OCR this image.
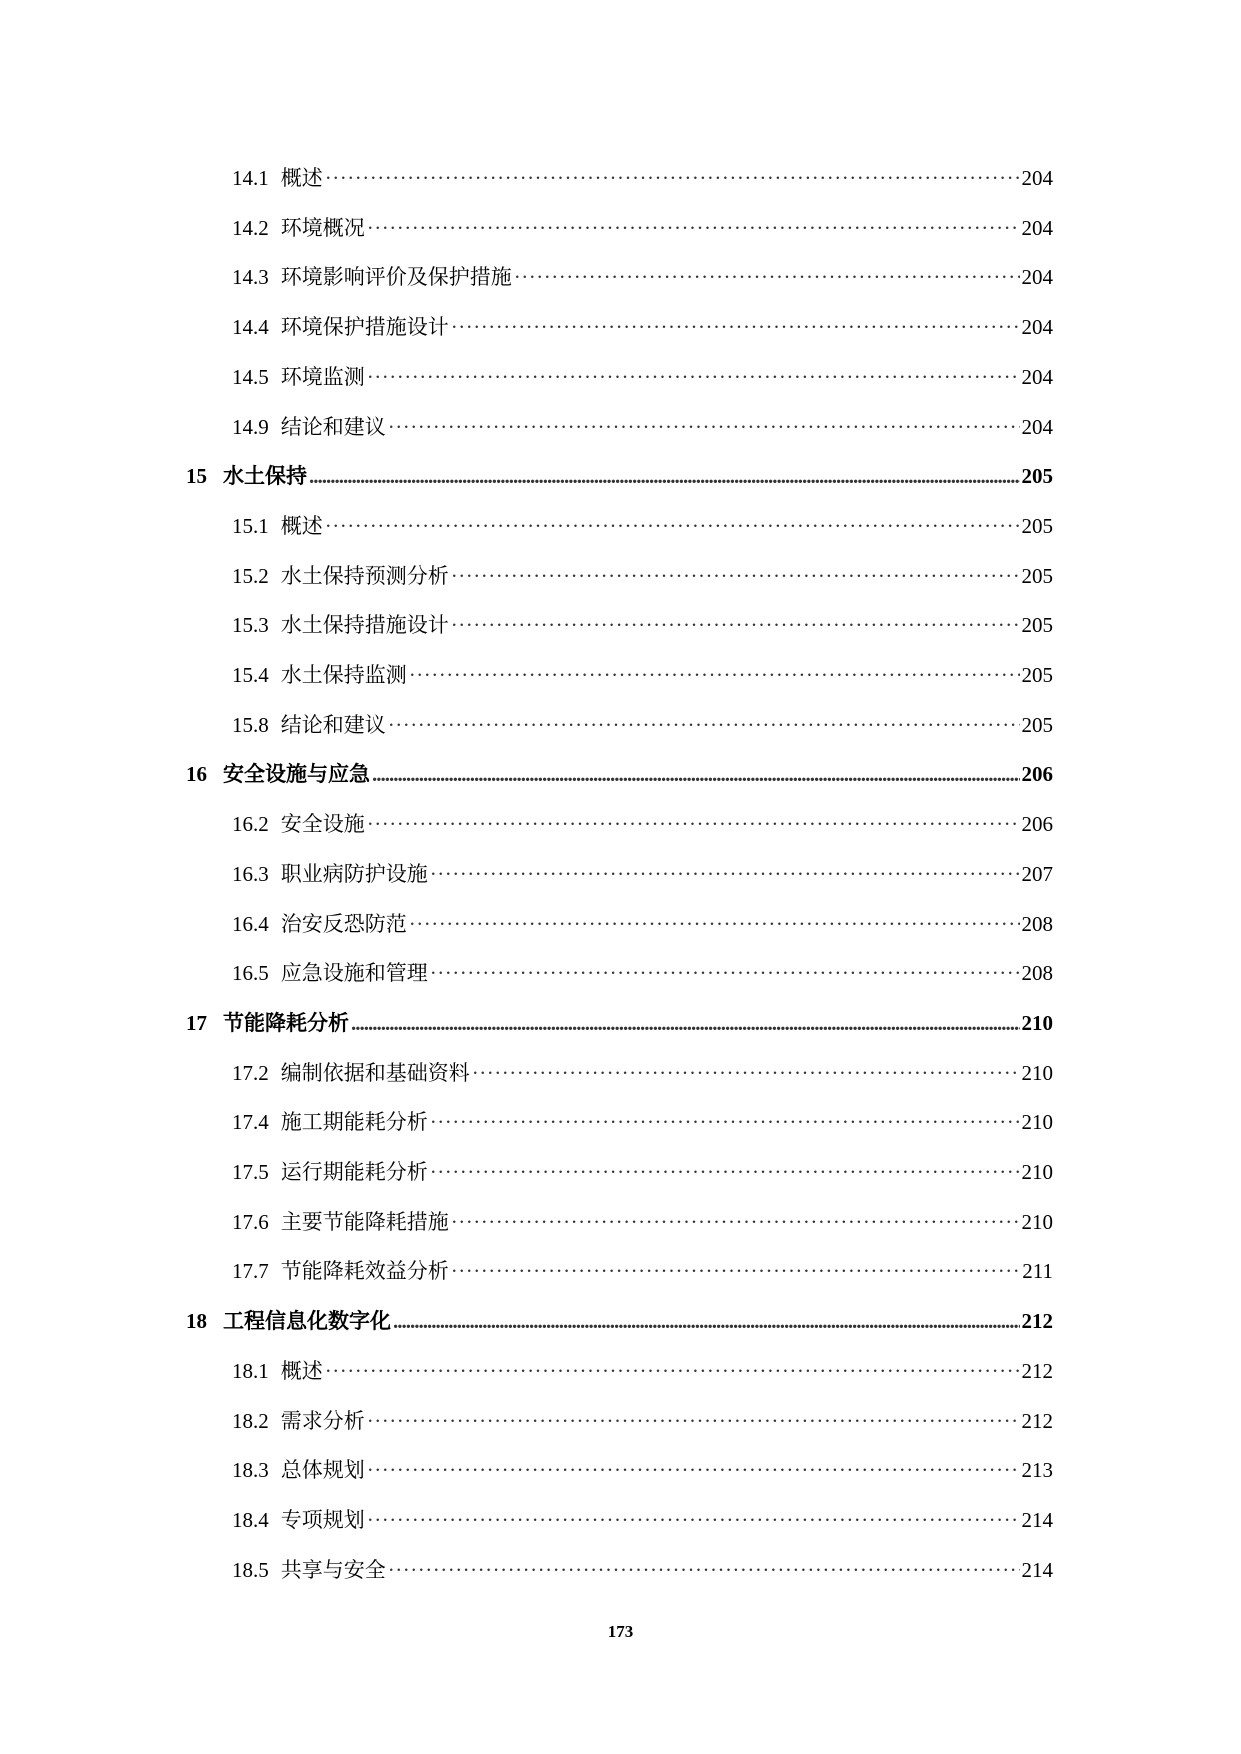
14.1 概述 ·····	204
14.2 环境概况 ·····	204
14.3 环境影响评价及保护措施 ·····	204
14.4 环境保护措施设计 ·····	204
14.5 环境监测 ·····	204
14.9 结论和建议 ·····	204
15 水土保持 .....	205
15.1 概述 ·····	205
15.2 水土保持预测分析 ·····	205
15.3 水土保持措施设计 ·····	205
15.4 水土保持监测 ·····	205
15.8 结论和建议 ·····	205
16 安全设施与应急 .....	206
16.2 安全设施 ·····	206
16.3 职业病防护设施 ·····	207
16.4 治安反恐防范 ·····	208
16.5 应急设施和管理 ·····	208
17 节能降耗分析 .....	210
17.2 编制依据和基础资料 ·····	210
17.4 施工期能耗分析 ·····	210
17.5 运行期能耗分析 ·····	210
17.6 主要节能降耗措施 ·····	210
17.7 节能降耗效益分析 ·····	211
18 工程信息化数字化 .....	212
18.1 概述 ·····	212
18.2 需求分析 ·····	212
18.3 总体规划 ·····	213
18.4 专项规划 ·····	214
18.5 共享与安全 ·····	214
173
